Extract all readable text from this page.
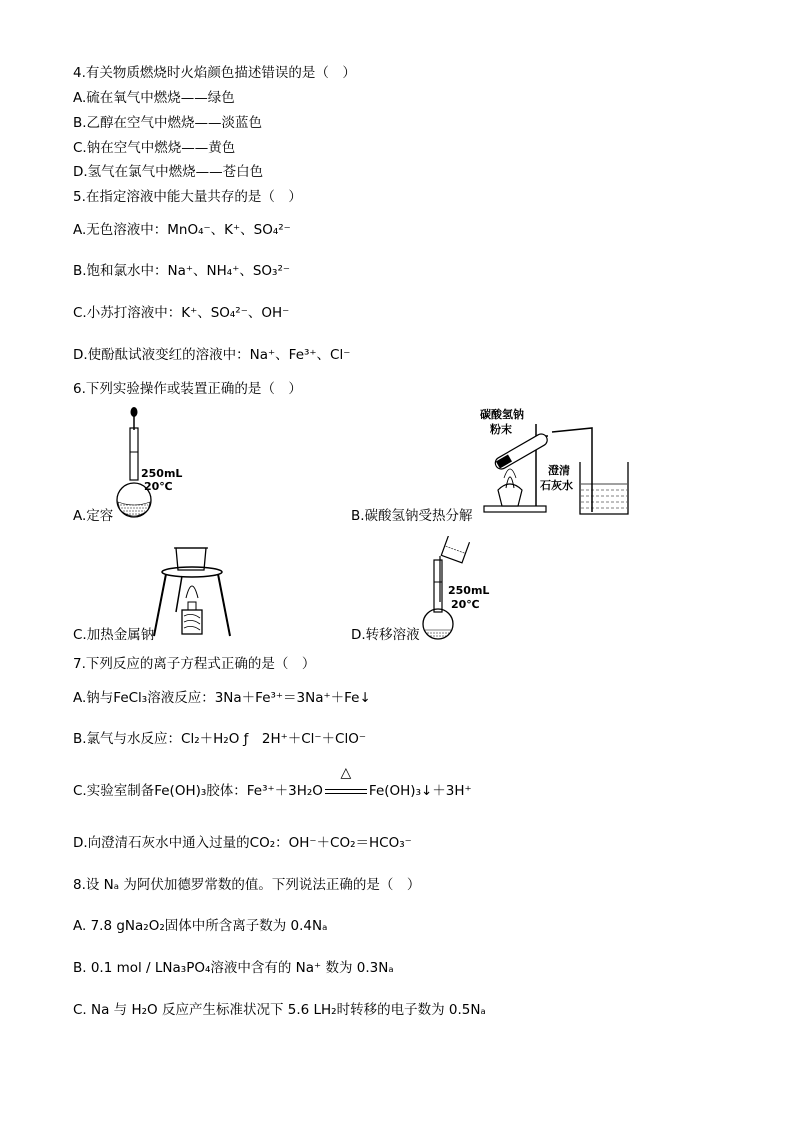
4.有关物质燃烧时火焰颜色描述错误的是（　）
A.硫在氧气中燃烧——绿色
B.乙醇在空气中燃烧——淡蓝色
C.钠在空气中燃烧——黄色
D.氢气在氯气中燃烧——苍白色
5.在指定溶液中能大量共存的是（　）
A.无色溶液中：MnO₄⁻、K⁺、SO₄²⁻
B.饱和氯水中：Na⁺、NH₄⁺、SO₃²⁻
C.小苏打溶液中：K⁺、SO₄²⁻、OH⁻
D.使酚酞试液变红的溶液中：Na⁺、Fe³⁺、Cl⁻
6.下列实验操作或装置正确的是（　）
250mL
20℃
A.定容
碳酸氢钠
粉末
澄清
石灰水
B.碳酸氢钠受热分解
C.加热金属钠
250mL
20℃
D.转移溶液
7.下列反应的离子方程式正确的是（　）
A.钠与FeCl₃溶液反应：3Na＋Fe³⁺＝3Na⁺＋Fe↓
B.氯气与水反应：Cl₂＋H₂O ƒ　2H⁺＋Cl⁻＋ClO⁻
C.实验室制备Fe(OH)₃胶体：Fe³⁺＋3H₂O
△
Fe(OH)₃↓＋3H⁺
D.向澄清石灰水中通入过量的CO₂：OH⁻＋CO₂＝HCO₃⁻
8.设 Nₐ 为阿伏加德罗常数的值。下列说法正确的是（　）
A. 7.8 gNa₂O₂固体中所含离子数为 0.4Nₐ
B. 0.1 mol / LNa₃PO₄溶液中含有的 Na⁺ 数为 0.3Nₐ
C. Na 与 H₂O 反应产生标准状况下 5.6 LH₂时转移的电子数为 0.5Nₐ
